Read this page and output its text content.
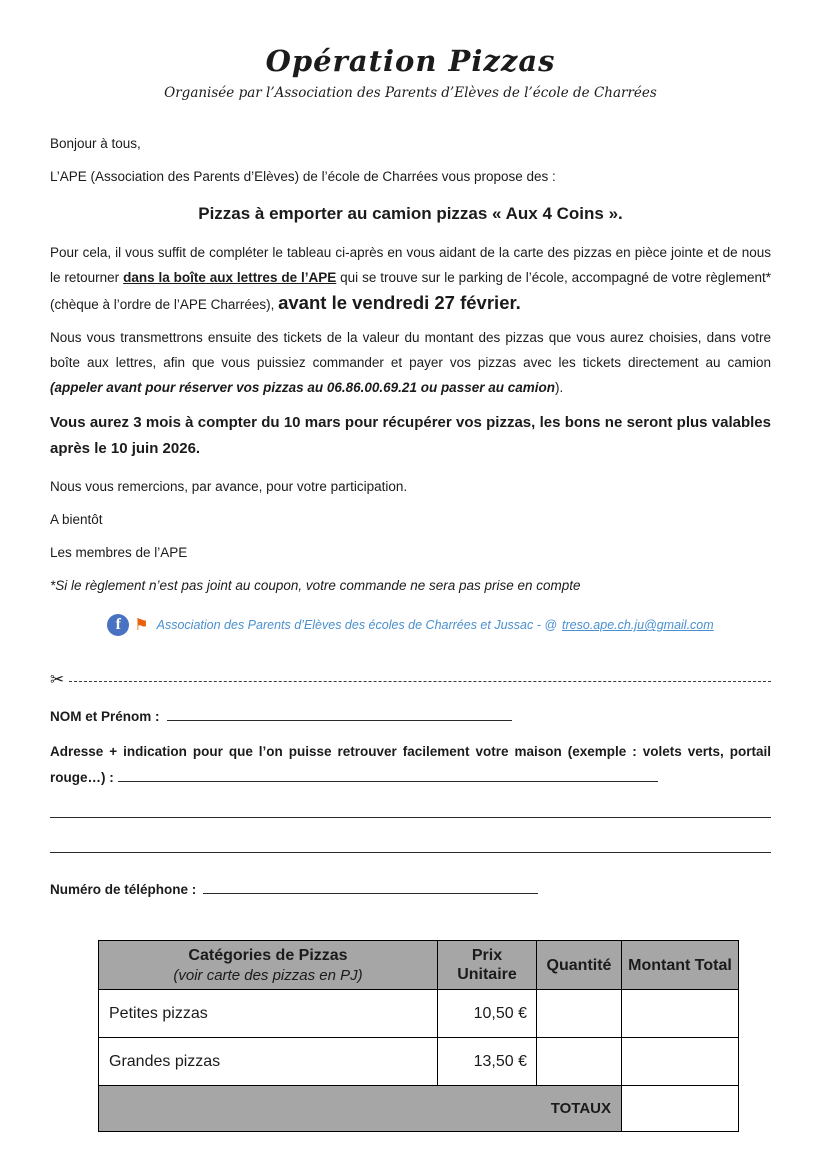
Opération Pizzas
Organisée par l’Association des Parents d’Elèves de l’école de Charrées

Bonjour à tous,

L’APE (Association des Parents d’Elèves) de l’école de Charrées vous propose des :

Pizzas à emporter au camion pizzas « Aux 4 Coins ».

Pour cela, il vous suffit de compléter le tableau ci-après en vous aidant de la carte des pizzas en pièce jointe et de nous le retourner dans la boîte aux lettres de l’APE qui se trouve sur le parking de l’école, accompagné de votre règlement* (chèque à l’ordre de l’APE Charrées), avant le vendredi 27 février.

Nous vous transmettrons ensuite des tickets de la valeur du montant des pizzas que vous aurez choisies, dans votre boîte aux lettres, afin que vous puissiez commander et payer vos pizzas avec les tickets directement au camion (appeler avant pour réserver vos pizzas au 06.86.00.69.21 ou passer au camion).

Vous aurez 3 mois à compter du 10 mars pour récupérer vos pizzas, les bons ne seront plus valables après le 10 juin 2026.

Nous vous remercions, par avance, pour votre participation.

A bientôt

Les membres de l’APE

*Si le règlement n’est pas joint au coupon, votre commande ne sera pas prise en compte

f ⚑ Association des Parents d’Elèves des écoles de Charrées et Jussac - @ treso.ape.ch.ju@gmail.com
✂
NOM et Prénom :
Adresse + indication pour que l’on puisse retrouver facilement votre maison (exemple : volets verts, portail rouge…) :
Numéro de téléphone :
Catégories de Pizzas
(voir carte des pizzas en PJ)	Prix Unitaire	Quantité	Montant Total
Petites pizzas	10,50 €		
Grandes pizzas	13,50 €		
TOTAUX			
